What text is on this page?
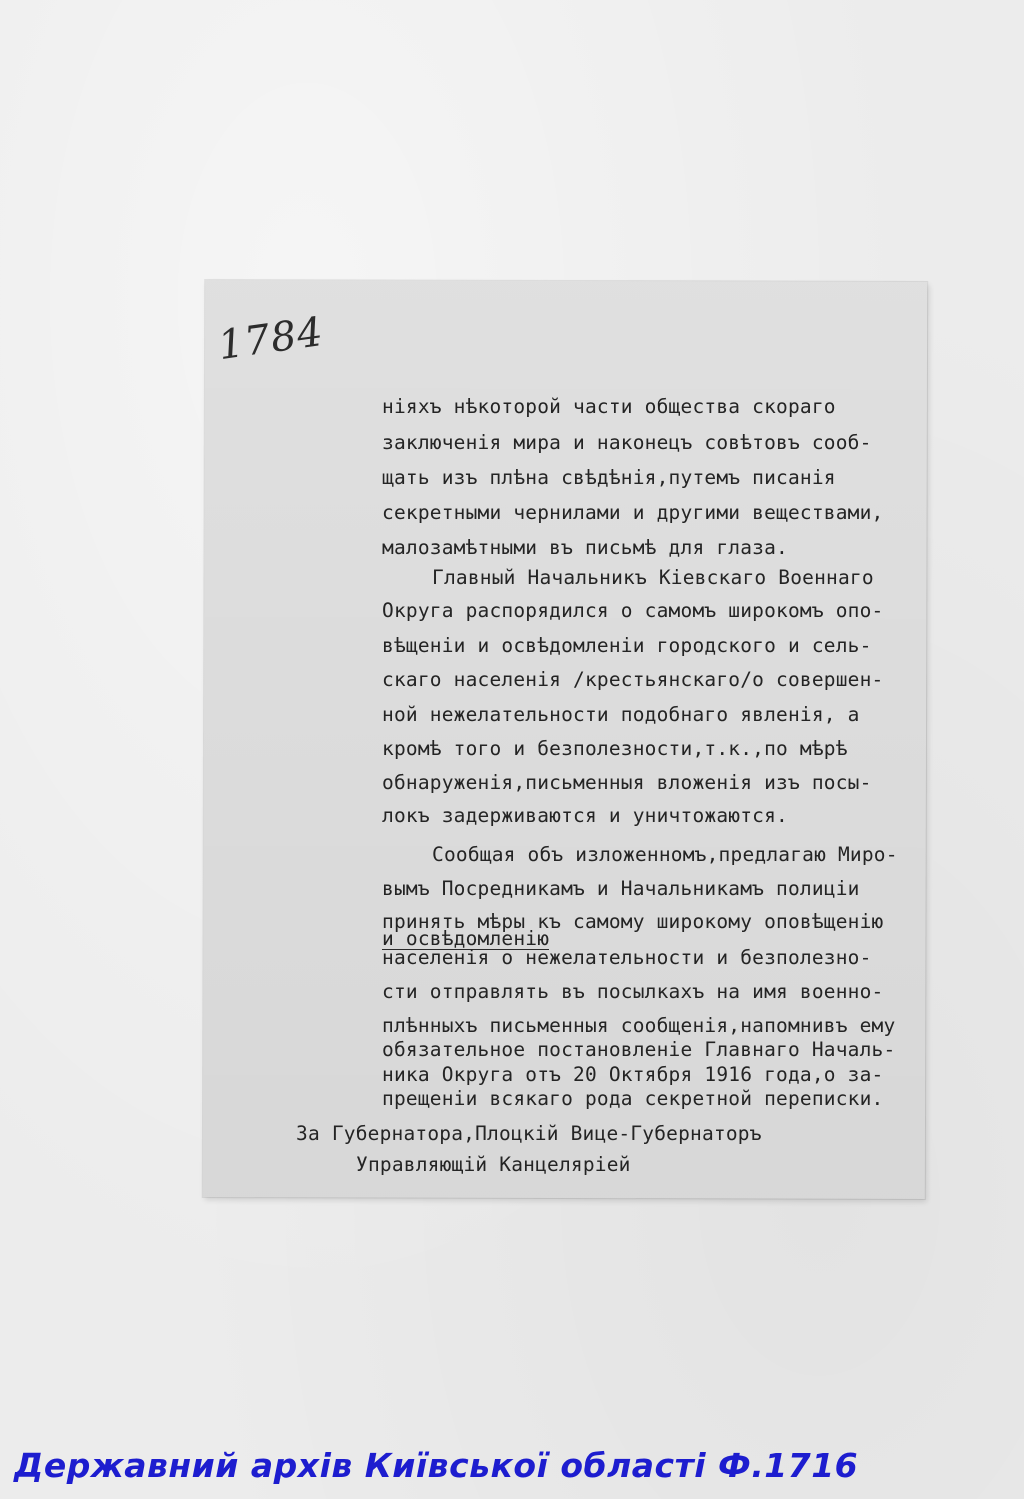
1784
ніяхъ нѣкоторой части общества скораго
заключенія мира и наконецъ совѣтовъ сооб-
щать изъ плѣна свѣдѣнія,путемъ писанія
секретными чернилами и другими веществами,
малозамѣтными въ письмѣ для глаза.
Главный Начальникъ Кіевскаго Военнаго
Округа распорядился о самомъ широкомъ опо-
вѣщеніи и освѣдомленіи городского и сель-
скаго населенія /крестьянскаго/о совершен-
ной нежелательности подобнаго явленія, а
кромѣ того и безполезности,т.к.,по мѣрѣ
обнаруженія,письменныя вложенія изъ посы-
локъ задерживаются и уничтожаются.
Сообщая объ изложенномъ,предлагаю Миро-
вымъ Посредникамъ и Начальникамъ полиціи
принять мѣры къ самому широкому оповѣщенію
и освѣдомленію
населенія о нежелательности и безполезно-
сти отправлять въ посылкахъ на имя военно-
плѣнныхъ письменныя сообщенія,напомнивъ ему
обязательное постановленіе Главнаго Началь-
ника Округа отъ 20 Октября 1916 года,о за-
прещеніи всякаго рода секретной переписки.
За Губернатора,Плоцкій Вице-Губернаторъ
Управляющій Канцеляріей
Державний архів Київської області Ф.1716
